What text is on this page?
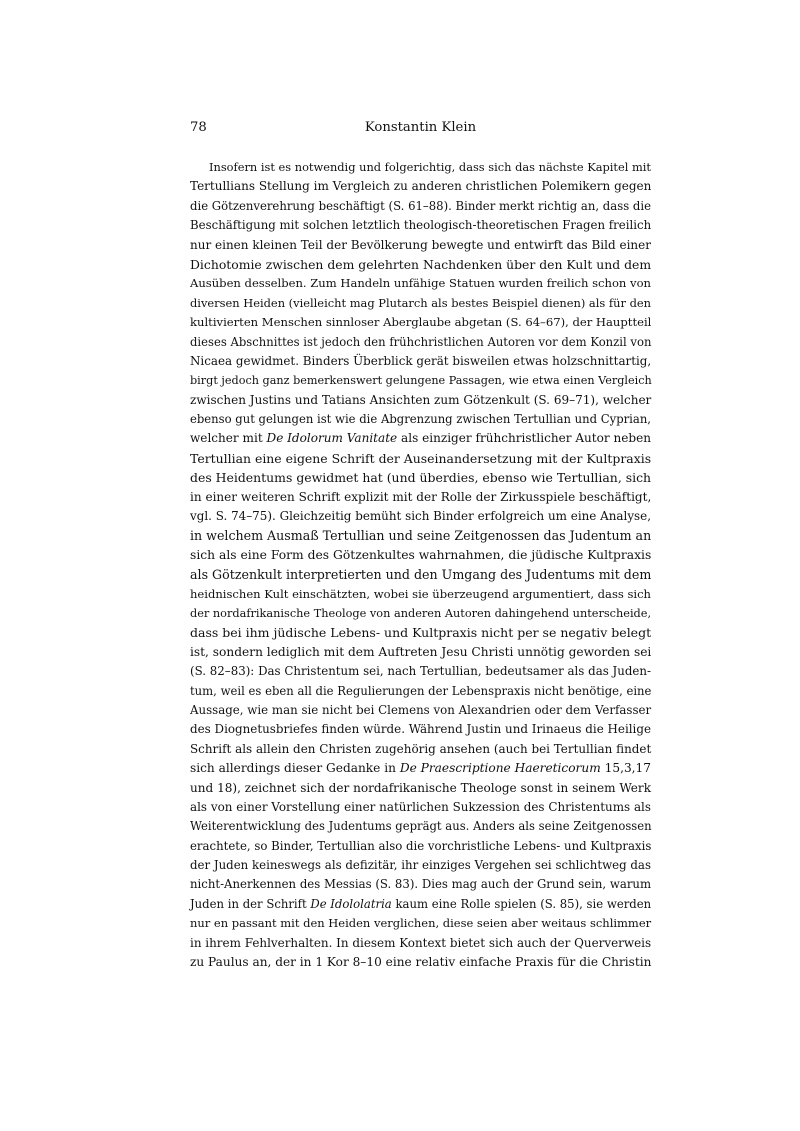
78	Konstantin Klein
Insofern ist es notwendig und folgerichtig, dass sich das nächste Kapitel mit
Tertullians Stellung im Vergleich zu anderen christlichen Polemikern gegen
die Götzenverehrung beschäftigt (S. 61–88). Binder merkt richtig an, dass die
Beschäftigung mit solchen letztlich theologisch-theoretischen Fragen freilich
nur einen kleinen Teil der Bevölkerung bewegte und entwirft das Bild einer
Dichotomie zwischen dem gelehrten Nachdenken über den Kult und dem
Ausüben desselben. Zum Handeln unfähige Statuen wurden freilich schon von
diversen Heiden (vielleicht mag Plutarch als bestes Beispiel dienen) als für den
kultivierten Menschen sinnloser Aberglaube abgetan (S. 64–67), der Hauptteil
dieses Abschnittes ist jedoch den frühchristlichen Autoren vor dem Konzil von
Nicaea gewidmet. Binders Überblick gerät bisweilen etwas holzschnittartig,
birgt jedoch ganz bemerkenswert gelungene Passagen, wie etwa einen Vergleich
zwischen Justins und Tatians Ansichten zum Götzenkult (S. 69–71), welcher
ebenso gut gelungen ist wie die Abgrenzung zwischen Tertullian und Cyprian,
welcher mit De Idolorum Vanitate als einziger frühchristlicher Autor neben
Tertullian eine eigene Schrift der Auseinandersetzung mit der Kultpraxis
des Heidentums gewidmet hat (und überdies, ebenso wie Tertullian, sich
in einer weiteren Schrift explizit mit der Rolle der Zirkusspiele beschäftigt,
vgl. S. 74–75). Gleichzeitig bemüht sich Binder erfolgreich um eine Analyse,
in welchem Ausmaß Tertullian und seine Zeitgenossen das Judentum an
sich als eine Form des Götzenkultes wahrnahmen, die jüdische Kultpraxis
als Götzenkult interpretierten und den Umgang des Judentums mit dem
heidnischen Kult einschätzten, wobei sie überzeugend argumentiert, dass sich
der nordafrikanische Theologe von anderen Autoren dahingehend unterscheide,
dass bei ihm jüdische Lebens- und Kultpraxis nicht per se negativ belegt
ist, sondern lediglich mit dem Auftreten Jesu Christi unnötig geworden sei
(S. 82–83): Das Christentum sei, nach Tertullian, bedeutsamer als das Juden-
tum, weil es eben all die Regulierungen der Lebenspraxis nicht benötige, eine
Aussage, wie man sie nicht bei Clemens von Alexandrien oder dem Verfasser
des Diognetusbriefes finden würde. Während Justin und Irinaeus die Heilige
Schrift als allein den Christen zugehörig ansehen (auch bei Tertullian findet
sich allerdings dieser Gedanke in De Praescriptione Haereticorum 15,3,17
und 18), zeichnet sich der nordafrikanische Theologe sonst in seinem Werk
als von einer Vorstellung einer natürlichen Sukzession des Christentums als
Weiterentwicklung des Judentums geprägt aus. Anders als seine Zeitgenossen
erachtete, so Binder, Tertullian also die vorchristliche Lebens- und Kultpraxis
der Juden keineswegs als defizitär, ihr einziges Vergehen sei schlichtweg das
nicht-Anerkennen des Messias (S. 83). Dies mag auch der Grund sein, warum
Juden in der Schrift De Idololatria kaum eine Rolle spielen (S. 85), sie werden
nur en passant mit den Heiden verglichen, diese seien aber weitaus schlimmer
in ihrem Fehlverhalten. In diesem Kontext bietet sich auch der Querverweis
zu Paulus an, der in 1 Kor 8–10 eine relativ einfache Praxis für die Christin
